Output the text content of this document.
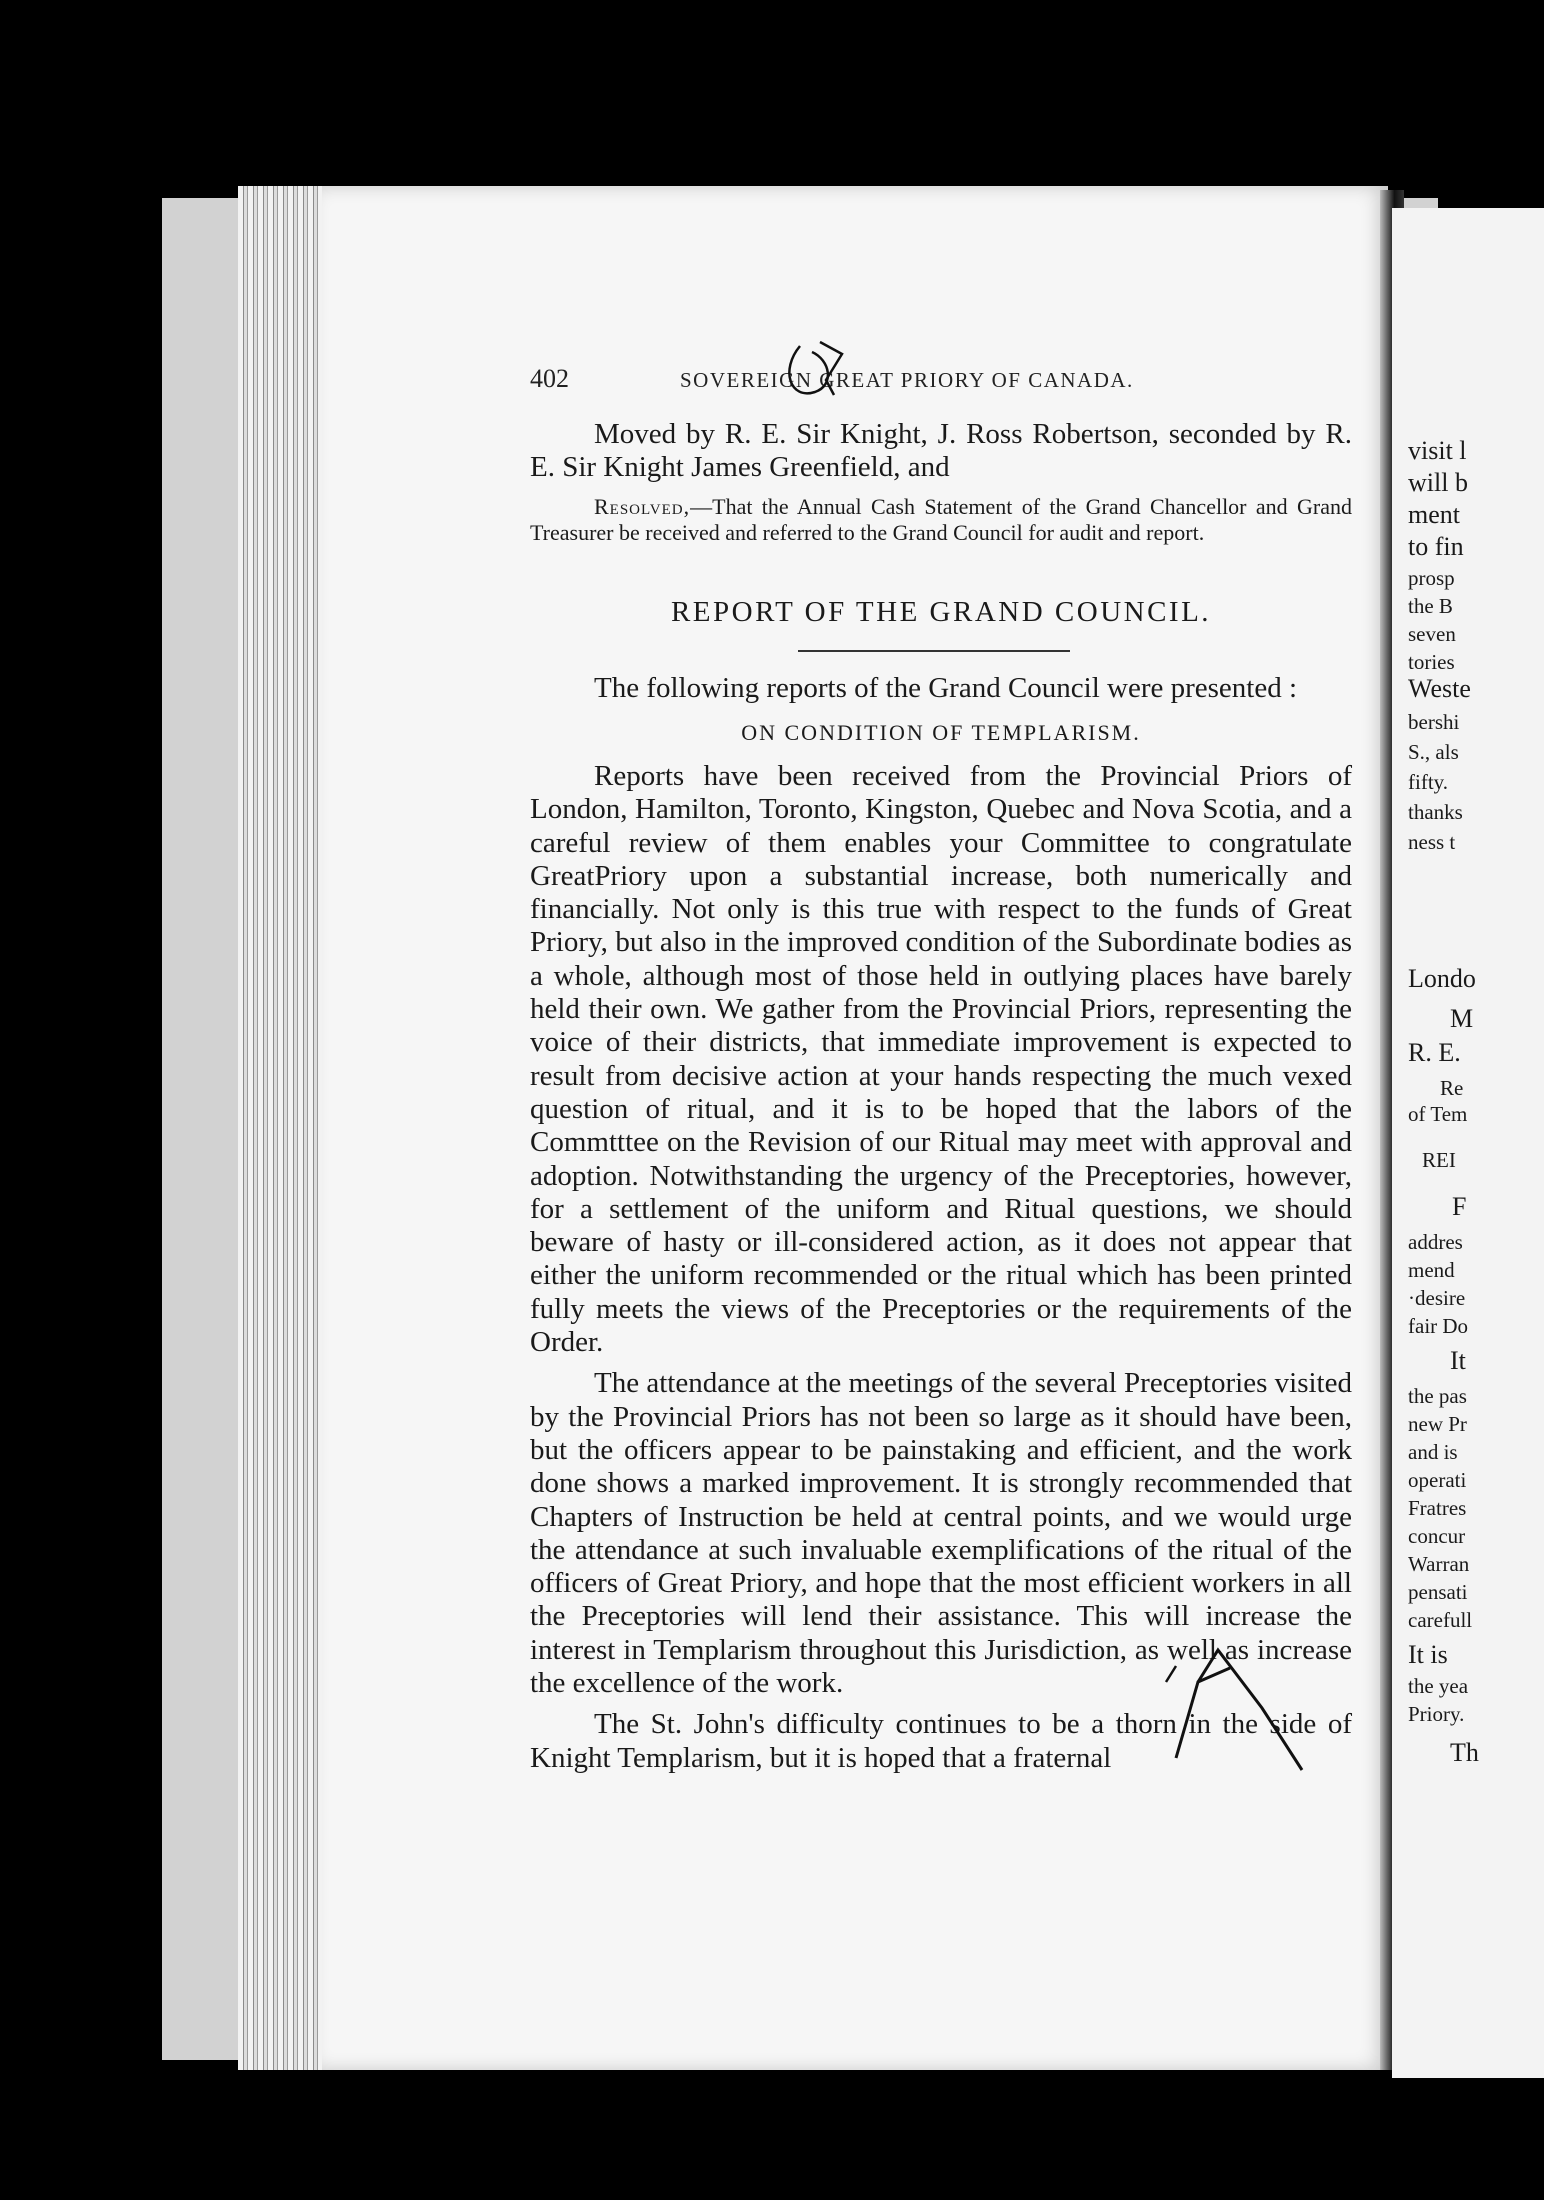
visit l
will b
ment
to fin
prosp
the B
seven
tories
Weste
bershi
S., als
fifty.
thanks
ness t
Londo
M
R. E.
Re
of Tem
REI
F
addres
mend
·desire
fair Do
It
the pas
new Pr
and is
operati
Fratres
concur
Warran
pensati
carefull
It is
the yea
Priory.
Th
402	SOVEREIGN GREAT PRIORY OF CANADA.

Moved by R. E. Sir Knight, J. Ross Robertson, seconded by R. E. Sir Knight James Greenfield, and

Resolved,—That the Annual Cash Statement of the Grand Chancellor and Grand Treasurer be received and referred to the Grand Council for audit and report.

REPORT OF THE GRAND COUNCIL.

The following reports of the Grand Council were presented :

ON CONDITION OF TEMPLARISM.

Reports have been received from the Provincial Priors of London, Hamilton, Toronto, Kingston, Quebec and Nova Scotia, and a careful review of them enables your Committee to congratulate GreatPriory upon a substantial increase, both numerically and financially. Not only is this true with respect to the funds of Great Priory, but also in the improved condition of the Subordinate bodies as a whole, although most of those held in outlying places have barely held their own. We gather from the Provincial Priors, representing the voice of their districts, that immediate improvement is expected to result from decisive action at your hands respecting the much vexed question of ritual, and it is to be hoped that the labors of the Commtttee on the Revision of our Ritual may meet with approval and adoption. Notwithstanding the urgency of the Preceptories, however, for a settlement of the uniform and Ritual questions, we should beware of hasty or ill-considered action, as it does not appear that either the uniform recommended or the ritual which has been printed fully meets the views of the Preceptories or the requirements of the Order.

The attendance at the meetings of the several Preceptories visited by the Provincial Priors has not been so large as it should have been, but the officers appear to be painstaking and efficient, and the work done shows a marked improvement. It is strongly recommended that Chapters of Instruction be held at central points, and we would urge the attendance at such invaluable exemplifications of the ritual of the officers of Great Priory, and hope that the most efficient workers in all the Preceptories will lend their assistance. This will increase the interest in Templarism throughout this Jurisdiction, as well as increase the excellence of the work.

The St. John's difficulty continues to be a thorn in the side of Knight Templarism, but it is hoped that a fraternal
